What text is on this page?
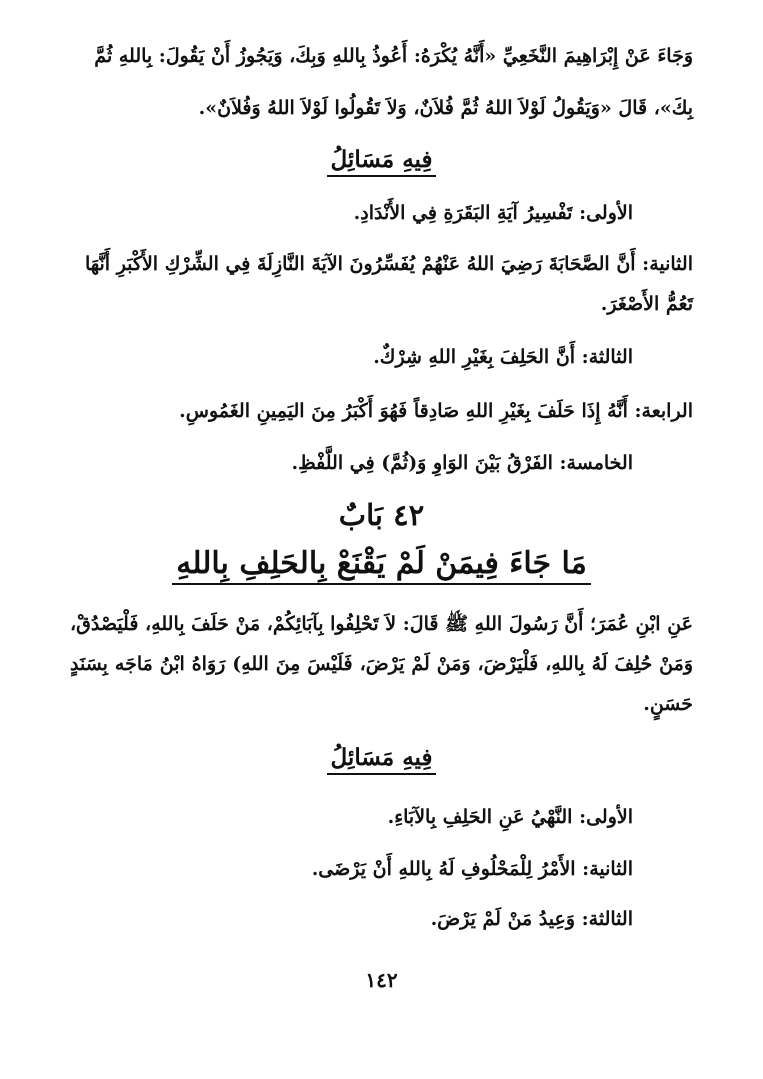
وَجَاءَ عَنْ إِبْرَاهِيمَ النَّخَعِيِّ «أَنَّهُ يُكْرَهُ: أَعُوذُ بِاللهِ وَبِكَ، وَيَجُوزُ أَنْ يَقُولَ: بِاللهِ ثُمَّ
بِكَ»، قَالَ «وَيَقُولُ لَوْلاَ اللهُ ثُمَّ فُلاَنٌ، وَلاَ تَقُولُوا لَوْلاَ اللهُ وَفُلاَنٌ».
فِيهِ مَسَائِلُ
الأولى: تَفْسِيرُ آيَةِ البَقَرَةِ فِي الأَنْدَادِ.
الثانية: أَنَّ الصَّحَابَةَ رَضِيَ اللهُ عَنْهُمْ يُفَسِّرُونَ الآيَةَ النَّازِلَةَ فِي الشِّرْكِ الأَكْبَرِ أَنَّهَا تَعُمُّ الأَصْغَرَ.
الثالثة: أَنَّ الحَلِفَ بِغَيْرِ اللهِ شِرْكٌ.
الرابعة: أَنَّهُ إِذَا حَلَفَ بِغَيْرِ اللهِ صَادِقاً فَهُوَ أَكْبَرُ مِنَ اليَمِينِ الغَمُوسِ.
الخامسة: الفَرْقُ بَيْنَ الوَاوِ وَ(ثُمَّ) فِي اللَّفْظِ.
٤٢ بَابٌ
مَا جَاءَ فِيمَنْ لَمْ يَقْنَعْ بِالحَلِفِ بِاللهِ
عَنِ ابْنِ عُمَرَ؛ أَنَّ رَسُولَ اللهِ ﷺ قَالَ: لاَ تَحْلِفُوا بِآبَائِكُمْ، مَنْ حَلَفَ بِاللهِ، فَلْيَصْدُقْ، وَمَنْ حُلِفَ لَهُ بِاللهِ، فَلْيَرْضَ، وَمَنْ لَمْ يَرْضَ، فَلَيْسَ مِنَ اللهِ) رَوَاهُ ابْنُ مَاجَه بِسَنَدٍ حَسَنٍ.
فِيهِ مَسَائِلُ
الأولى: النَّهْيُ عَنِ الحَلِفِ بِالآبَاءِ.
الثانية: الأَمْرُ لِلْمَحْلُوفِ لَهُ بِاللهِ أَنْ يَرْضَى.
الثالثة: وَعِيدُ مَنْ لَمْ يَرْضَ.
١٤٢
